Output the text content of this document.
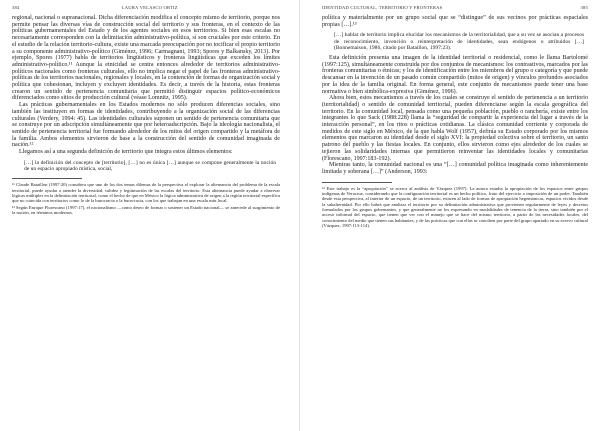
384	LAURA VELASCO ORTIZ

regional, nacional o supranacional. Dicha diferenciación modifica el concepto mismo de territorio, porque nos permite pensar las diversas vías de construcción social del territorio y sus fronteras, en el contexto de las políticas gubernamentales del Estado y de los agentes sociales en esos territorios. Si bien esas escalas no necesariamente corresponden con la delimitación administrativo-política, sí son cruciales por este criterio. En el estudio de la relación territorio-cultura, existe una marcada preocupación por no tocificar el propio territorio a su componente administrativo-político (Giménez, 1996; Carmagnani, 1993; Spores y Balkansky, 2013). Por ejemplo, Spores (1977) habla de territorios lingüísticos y fronteras lingüísticas que exceden los límites administrativo-político.¹¹ Aunque la etnicidad se centra entonces alrededor de territorios administrativo-políticos nacionales como fronteras culturales, ello no implica negar el papel de las fronteras administrativo-políticas de los territorios nacionales, regionales y locales, en la contención de formas de organización social y política que cohesionan, incluyen y excluyen identidades. Es decir, a través de la historia, estas fronteras crearon un sentido de pertenencia comunitaria que permitió distinguir espacios político-económicos diferenciados como sitios de producción cultural (véase Lomnitz, 1995).

Las prácticas gubernamentales en los Estados modernos no sólo producen diferencias sociales, sino también las instituyen en formas de identidades, contribuyendo a la organización social de las diferencias culturales (Verdery, 1994: 45). Las identidades culturales suponen un sentido de pertenencia comunitaria que se construye por un adscripción simultáneamente que por heteroadscripción. Bajo la ideología nacionalista, el sentido de pertenencia territorial fue formando alrededor de los mitos del origen compartido y la metáfora de la familia. Ambos elementos sirvieron de base a la construcción del sentido de comunidad imaginada de nación.¹²

Llegamos así a una segunda definición de territorio que integra estos últimos elementos:

[…] la definición del concepto de [territorio], […] no es única […] aunque se compone generalmente la noción de un espacio apropiado mística, social,

¹¹ Claude Bataillon (1997:20) considera que uno de los dos temas dilemas de la perspectiva el explorar la alternancia del problema de la escala territorial, puede ayudar a atender la diversidad, validez y legitimación de las escalas del territorio. Esta alternancia puede ayudar a observar lógicas múltiples en la delimitación territorial, como el hecho de que en México la lógica administrativa de origen a la región territorial específica que no coincida con territorios como lo de la burocracia o la burocracia, con los que trabajan en una escala más local.

¹² Según Enrique Florescano (1997:17), el nacionalismo —como deseo de formar o sostener un Estado nacional— se antecede al surgimiento de la nación, en términos modernos.

IDENTIDAD CULTURAL, TERRITORIO Y FRONTERAS	385

política y materialmente por un grupo social que se “distingue” de sus vecinos por prácticas espaciales propias […].¹³

[…] hablar de territorio implica elucidar los mecanismos de la territorialidad, que a su vez se asocian a procesos de reconocimiento, invención o reinterpretación de identidades, sean endógenos o atribuidos […] (Bonnemaison, 1986, citado por Bataillon, 1997:23).

Esta definición presenta una imagen de la identidad territorial o residencial, como le llama Bartolomé (1997:125), simultáneamente construida por dos conjuntos de mecanismos: los contrastivos, marcados por las fronteras comunitarias o étnicas; y los de identificación entre los miembros del grupo o categoría y que puede descansar en la invención de un pasado común compartido (mitos de origen) y vínculos profundos asociados por la idea de la familia original. En forma general, este conjunto de mecanismos puede tener una base normativa o bien simbólica-expresiva (Giménez, 1996).

Ahora bien, estos mecanismos a través de los cuales se construye el sentido de pertenencia a un territorio (territorialidad) o sentido de comunidad territorial, pueden diferenciarse según la escala geográfica del territorio. En la comunidad local, pensada como una pequeña población, pueblo o ranchería, existe entre los integrantes lo que Sack (1988:228) llama la “seguridad de compartir la experiencia del lugar a través de la interacción personal”, en los ritos o prácticas cotidianas. La clásica comunidad corriente y corporada de medidos de este siglo en México, de la que habla Wolf (1957), definía su Estado corporado por los mismos elementos que marcaron su identidad desde el siglo XVI: la propiedad colectiva sobre el territorio, un santo patrono del pueblo y las fiestas locales. En conjunto, ellos sirvieron como ejes alrededor de los cuales se tejieron las solidaridades internas que permitieron reinventar las identidades locales y comunitarias (Florescano, 1997:183-192).

Mientras tanto, la comunidad nacional es una “[…] comunidad política imaginada como inherentemente limitada y soberana […]” (Anderson, 1993:

¹³ Este trabajo es la “apropiación” se acerca al análisis de Vázquez (1997). La autora estudia la apropiación de los espacios entre grupos indígenas de Veracruz, considerando que la configuración territorial es un hecho político, fruto del ejercicio o imposición de un poder. También desde esta perspectiva, al interior de un espacio, de un territorio, existen al lado de formas de apropiación hegemónicas, espacios vividos desde la subalternidad. Por ello habrá que analizar el territorio por su delimitación administrativa que provienen regularmente de leyes y decretos formulados por los grupos gobernantes, y que generalmente no los expresando en modalidades de tenencia de la tierra, sino también por el acceso informal del espacio, que tienen que ver con el manejo que se hace del mismo territorio, a partir de las necesidades locales, del conocimiento del medio que tienen sus habitantes, y de las prácticas que con ellas se conciben por parte del grupo apartado en su acervo cultural (Vázquez, 1997:113-114).
